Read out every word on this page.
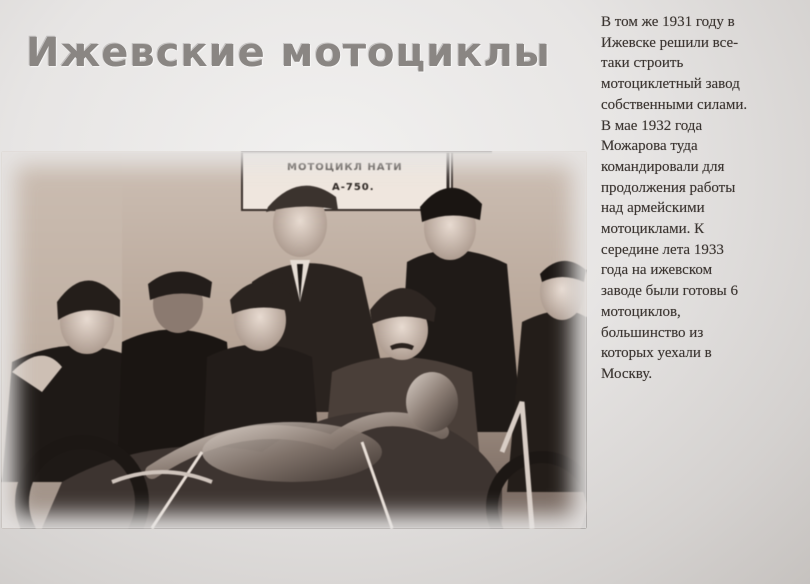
Ижевские мотоциклы
В том же 1931 году в
Ижевске решили все-
таки строить
мотоциклетный завод
собственными силами.
В мае 1932 года
Можарова туда
командировали для
продолжения работы
над армейскими
мотоциклами. К
середине лета 1933
года на ижевском
заводе были готовы 6
мотоциклов,
большинство из
которых уехали в
Москву.
МОТОЦИКЛ НАТИ
А-750.
